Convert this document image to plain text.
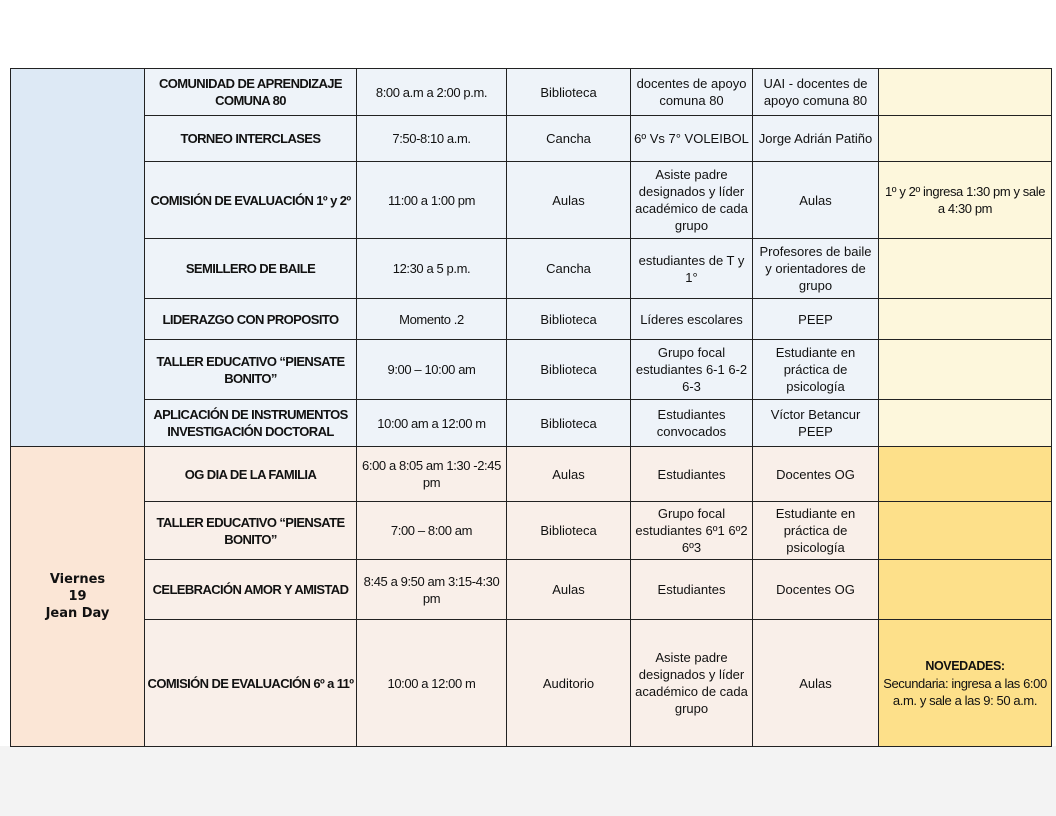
	COMUNIDAD DE APRENDIZAJE COMUNA 80	8:00 a.m a 2:00 p.m.	Biblioteca	docentes de apoyo comuna 80	UAI - docentes de apoyo comuna 80	
	TORNEO INTERCLASES	7:50-8:10 a.m.	Cancha	6º Vs 7° VOLEIBOL	Jorge Adrián Patiño	
	COMISIÓN DE EVALUACIÓN 1º y 2º	11:00 a 1:00 pm	Aulas	Asiste padre designados y líder académico de cada grupo	Aulas	1º y 2º ingresa 1:30 pm y sale a 4:30 pm
	SEMILLERO DE BAILE	12:30 a 5 p.m.	Cancha	estudiantes de T y 1°	Profesores de baile y orientadores de grupo	
	LIDERAZGO CON PROPOSITO	Momento .2	Biblioteca	Líderes escolares	PEEP	
	TALLER EDUCATIVO “PIENSATE BONITO”	9:00 – 10:00 am	Biblioteca	Grupo focal estudiantes 6-1 6-2 6-3	Estudiante en práctica de psicología	
	APLICACIÓN DE INSTRUMENTOS INVESTIGACIÓN DOCTORAL	10:00 am a 12:00 m	Biblioteca	Estudiantes convocados	Víctor Betancur PEEP	

Viernes
19
Jean Day	OG DIA DE LA FAMILIA	6:00 a 8:05 am 1:30 -2:45 pm	Aulas	Estudiantes	Docentes OG	
	TALLER EDUCATIVO “PIENSATE BONITO”	7:00 – 8:00 am	Biblioteca	Grupo focal estudiantes 6º1 6º2 6º3	Estudiante en práctica de psicología	
	CELEBRACIÓN AMOR Y AMISTAD	8:45 a 9:50 am 3:15-4:30 pm	Aulas	Estudiantes	Docentes OG	
	COMISIÓN DE EVALUACIÓN 6º a 11º	10:00 a 12:00 m	Auditorio	Asiste padre designados y líder académico de cada grupo	Aulas	NOVEDADES:
Secundaria: ingresa a las 6:00 a.m. y sale a las 9: 50 a.m.
